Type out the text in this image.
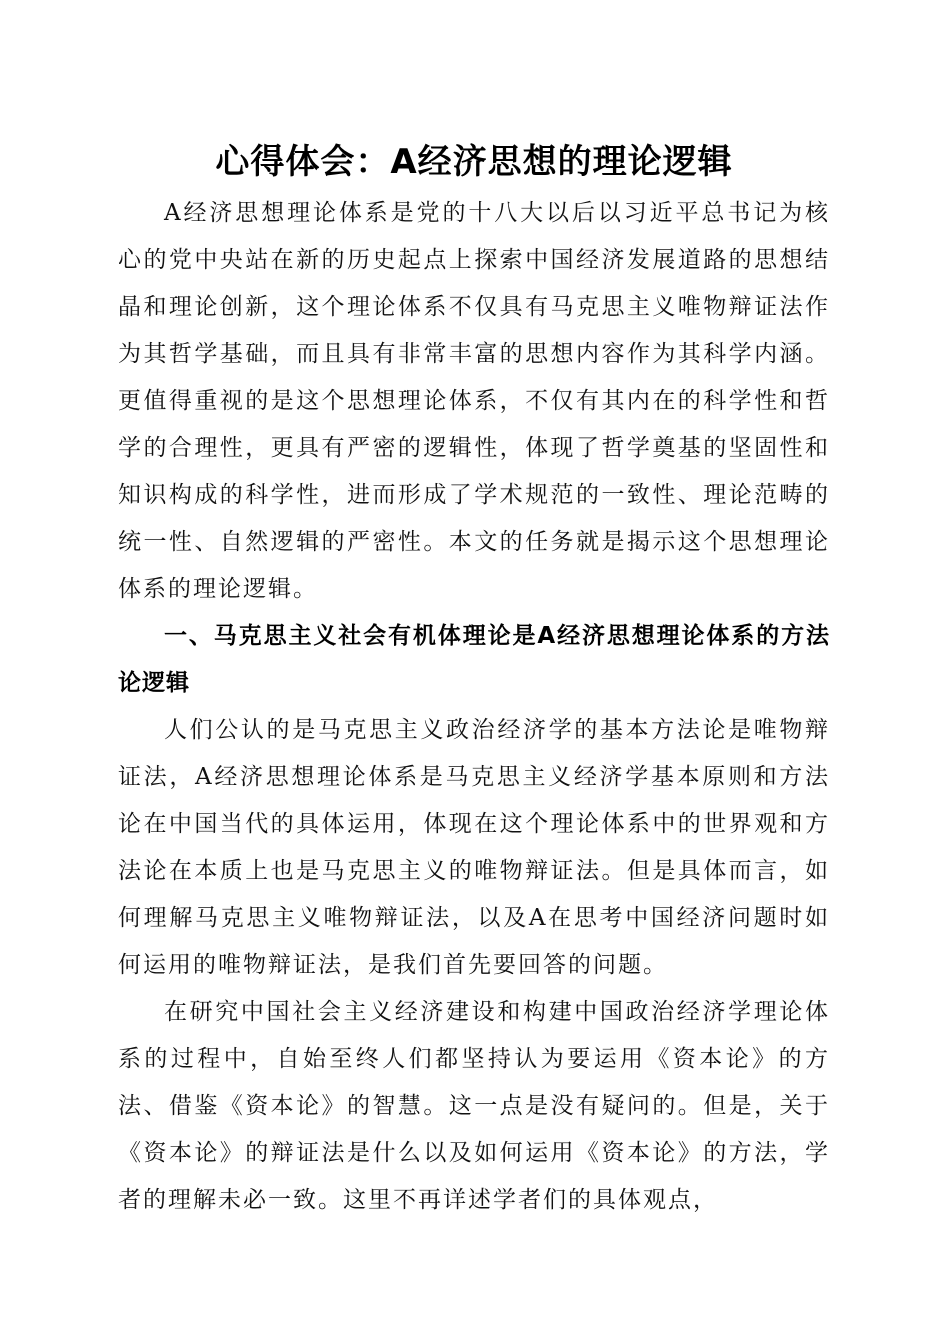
心得体会：A经济思想的理论逻辑

A经济思想理论体系是党的十八大以后以习近平总书记为核心的党中央站在新的历史起点上探索中国经济发展道路的思想结晶和理论创新，这个理论体系不仅具有马克思主义唯物辩证法作为其哲学基础，而且具有非常丰富的思想内容作为其科学内涵。更值得重视的是这个思想理论体系，不仅有其内在的科学性和哲学的合理性，更具有严密的逻辑性，体现了哲学奠基的坚固性和知识构成的科学性，进而形成了学术规范的一致性、理论范畴的统一性、自然逻辑的严密性。本文的任务就是揭示这个思想理论体系的理论逻辑。

一、马克思主义社会有机体理论是A经济思想理论体系的方法论逻辑

人们公认的是马克思主义政治经济学的基本方法论是唯物辩证法，A经济思想理论体系是马克思主义经济学基本原则和方法论在中国当代的具体运用，体现在这个理论体系中的世界观和方法论在本质上也是马克思主义的唯物辩证法。但是具体而言，如何理解马克思主义唯物辩证法，以及A在思考中国经济问题时如何运用的唯物辩证法，是我们首先要回答的问题。

在研究中国社会主义经济建设和构建中国政治经济学理论体系的过程中，自始至终人们都坚持认为要运用《资本论》的方法、借鉴《资本论》的智慧。这一点是没有疑问的。但是，关于《资本论》的辩证法是什么以及如何运用《资本论》的方法，学者的理解未必一致。这里不再详述学者们的具体观点，
